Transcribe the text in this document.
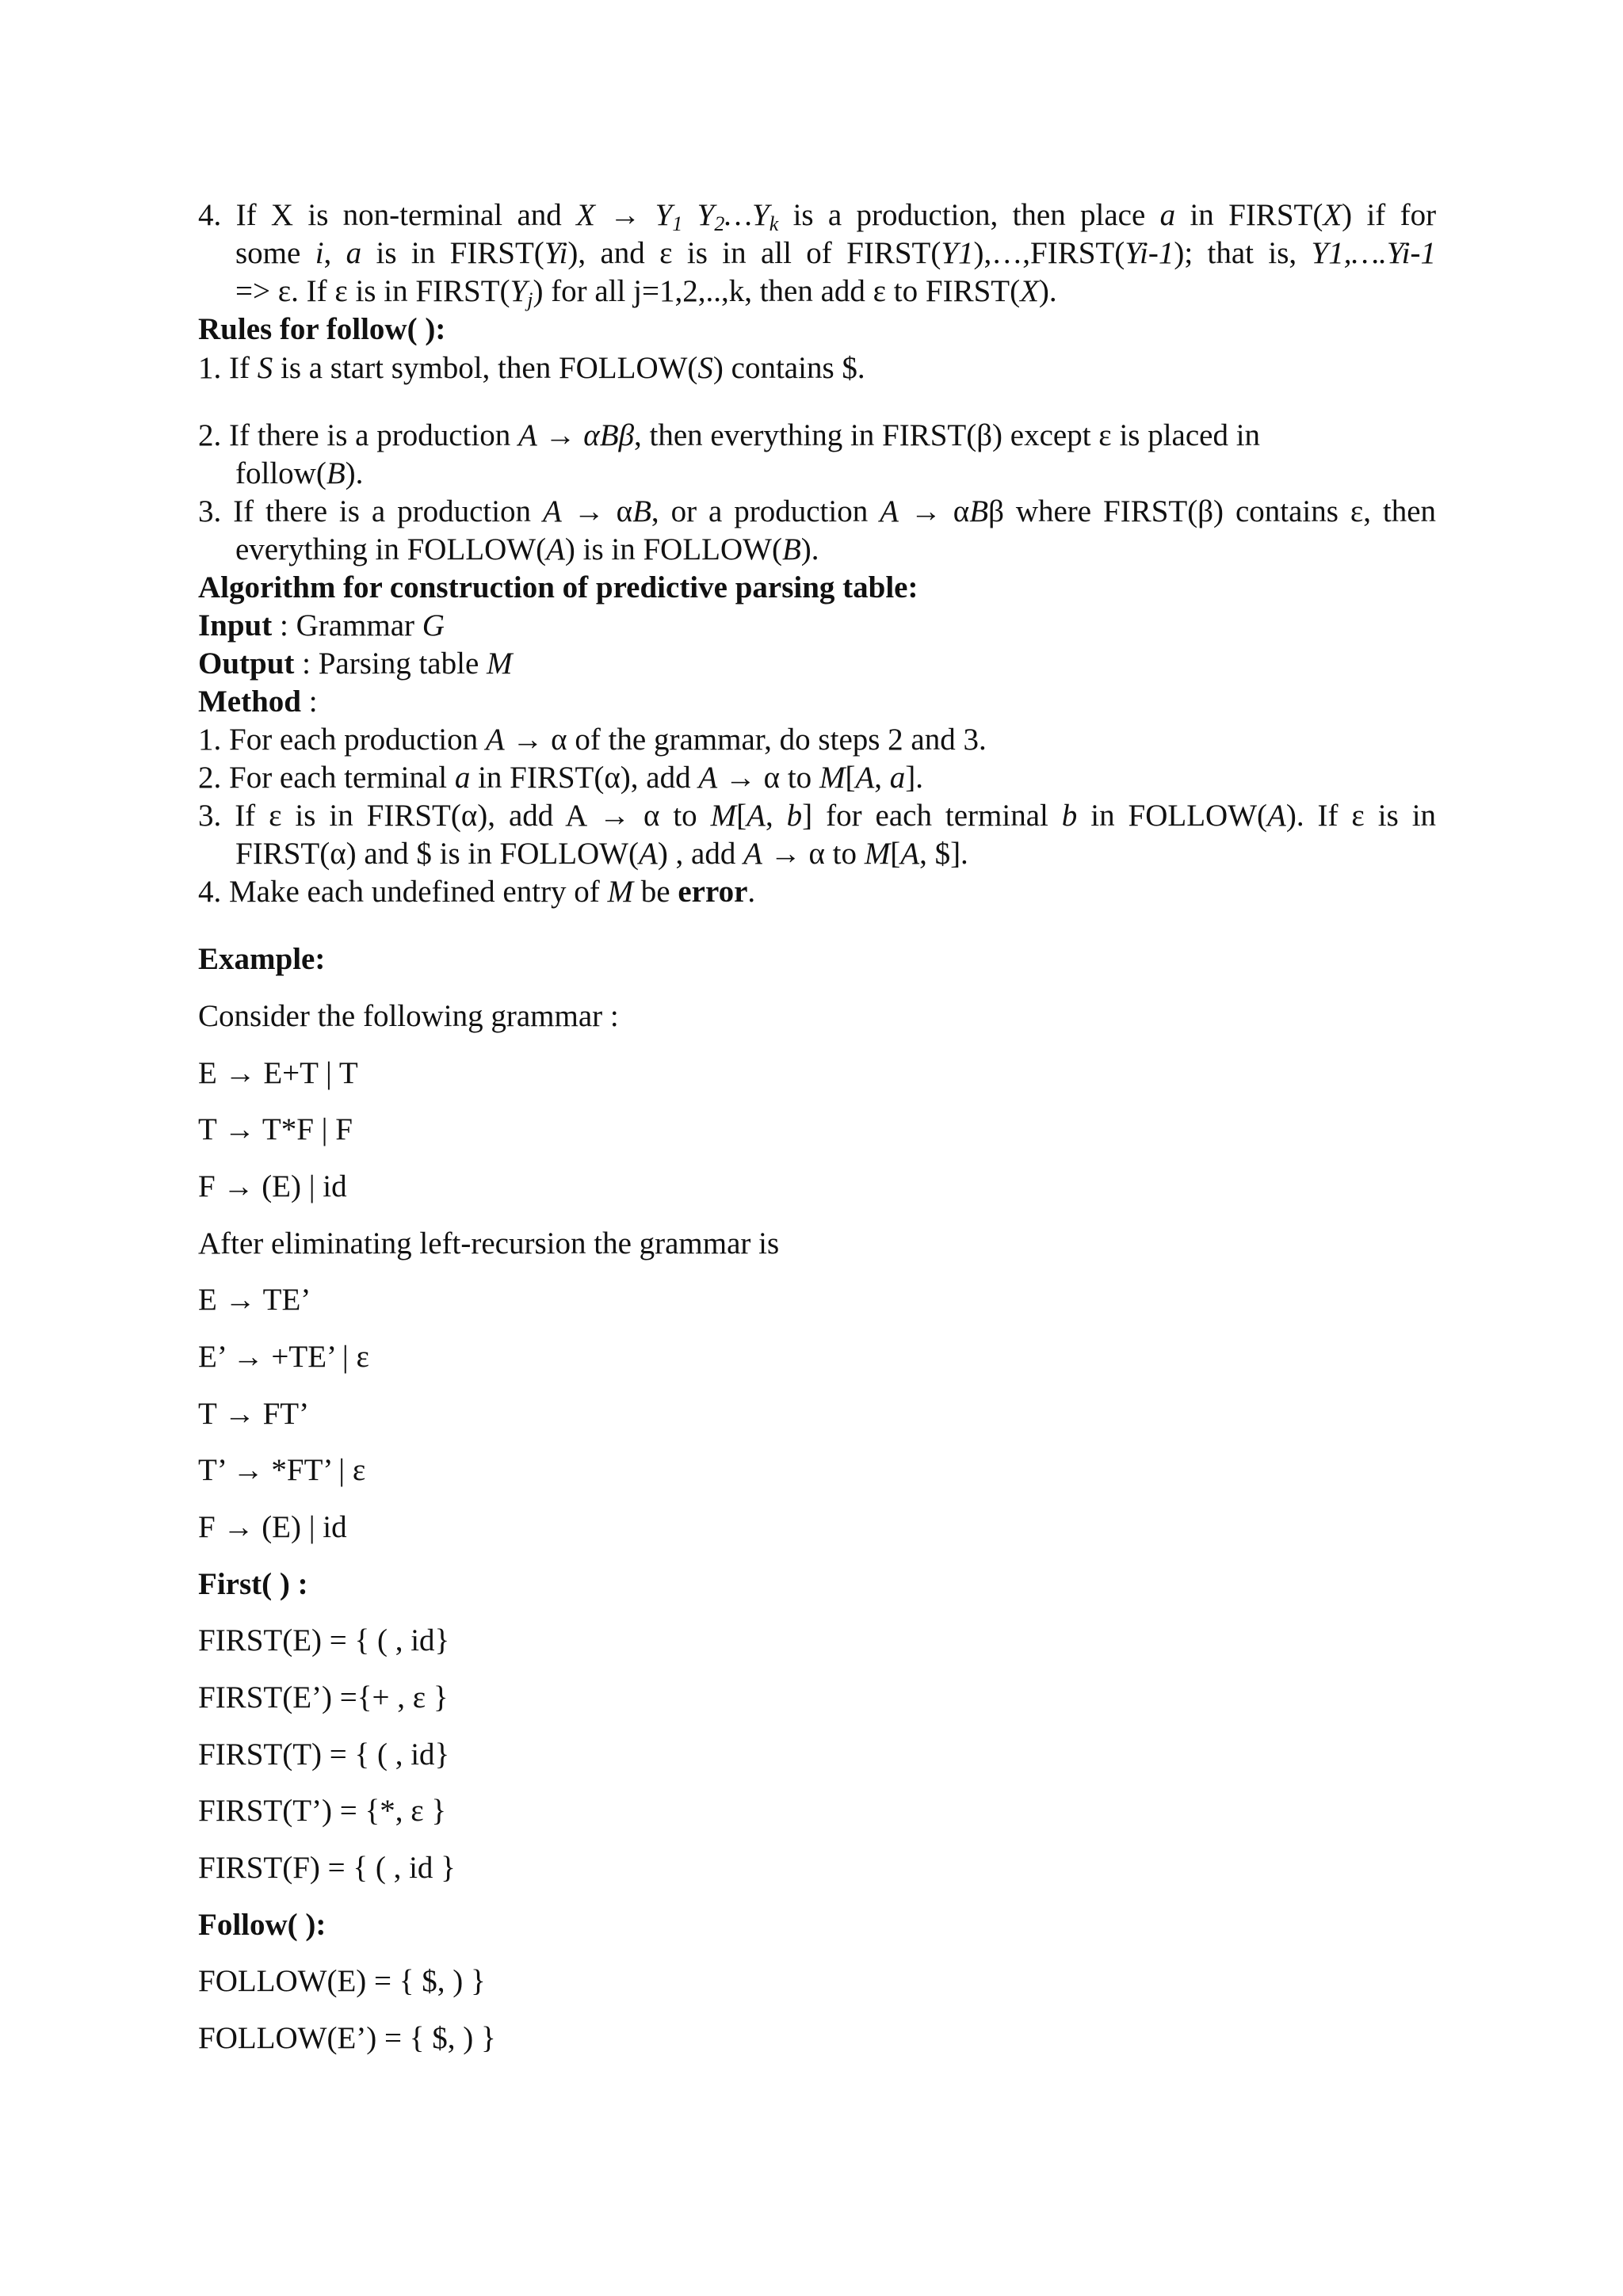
4. If X is non-terminal and $X \to Y_1$ $Y_2\dots Y_k$ is a production, then place a in FIRST(X) if for
some i, a is in FIRST(Yi), and ε is in all of FIRST(Y1),…,FIRST(Yi-1); that is, Y1,….Yi-1
=> ε. If ε is in $FIRST(Y_j)$ for all j=1,2,..,k, then add ε to FIRST(X).
Rules for follow( ):
1. If S is a start symbol, then FOLLOW(S) contains $.
2. If there is a production A → αBβ, then everything in FIRST(β) except ε is placed in
follow(B).
3. If there is a production A → αB, or a production A → αBβ where FIRST(β) contains ε, then
everything in FOLLOW(A) is in FOLLOW(B).
Algorithm for construction of predictive parsing table:
Input : Grammar G
Output : Parsing table M
Method :
1. For each production A → α of the grammar, do steps 2 and 3.
2. For each terminal a in FIRST(α), add A → α to M[A, a].
3. If ε is in FIRST(α), add A → α to M[A, b] for each terminal b in FOLLOW(A). If ε is in
FIRST(α) and $ is in FOLLOW(A) , add A → α to M[A, $].
4. Make each undefined entry of M be error.
Example:
Consider the following grammar :
E → E+T | T
T → T*F | F
F → (E) | id
After eliminating left-recursion the grammar is
E → TE’
E’ → +TE’ | ε
T → FT’
T’ → *FT’ | ε
F → (E) | id
First( ) :
FIRST(E) = { ( , id}
FIRST(E’) ={+ , ε }
FIRST(T) = { ( , id}
FIRST(T’) = {*, ε }
FIRST(F) = { ( , id }
Follow( ):
FOLLOW(E) = { $, ) }
FOLLOW(E’) = { $, ) }
